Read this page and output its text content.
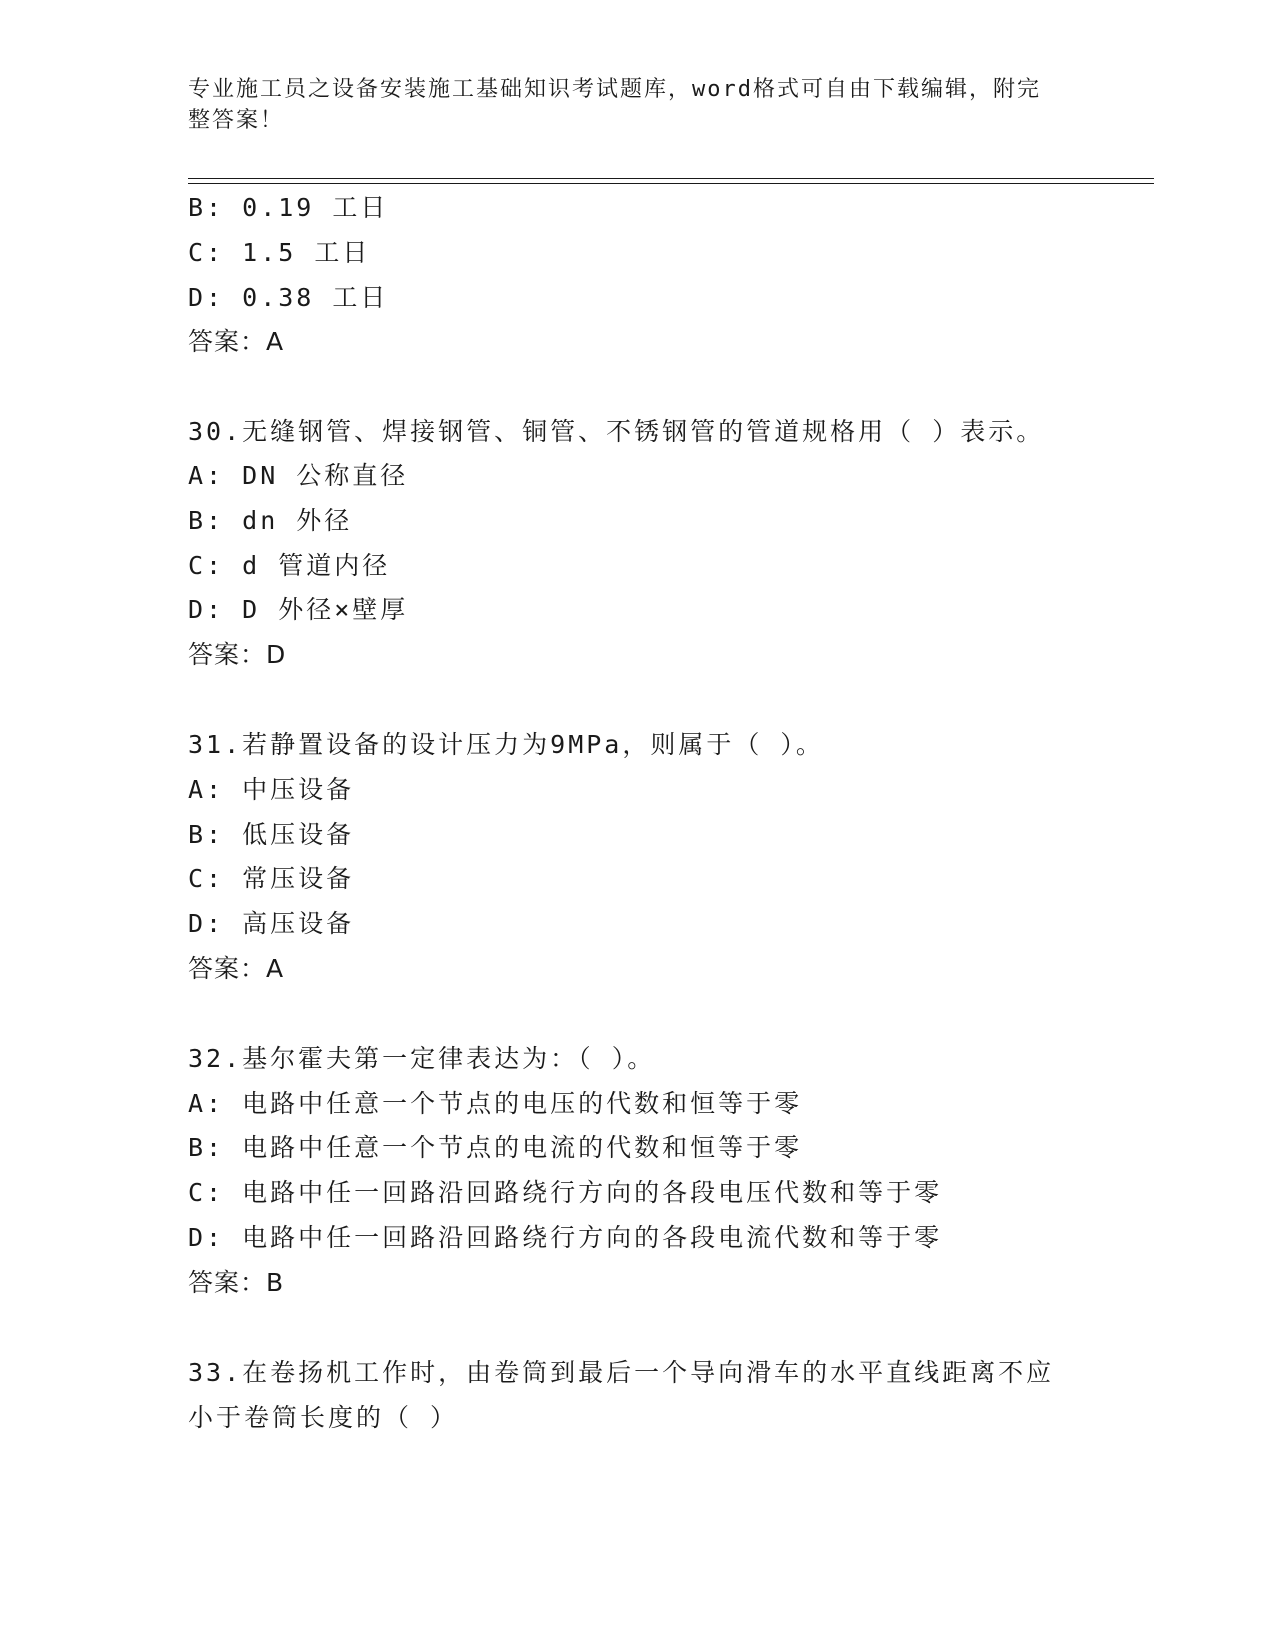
专业施工员之设备安装施工基础知识考试题库，word格式可自由下载编辑，附完
整答案！
B: 0.19 工日
C: 1.5 工日
D: 0.38 工日
答案：A
30.无缝钢管、焊接钢管、铜管、不锈钢管的管道规格用（ ）表示。
A: DN 公称直径
B: dn 外径
C: d 管道内径
D: D 外径×壁厚
答案：D
31.若静置设备的设计压力为9MPa，则属于（ ）。
A: 中压设备
B: 低压设备
C: 常压设备
D: 高压设备
答案：A
32.基尔霍夫第一定律表达为：（ ）。
A: 电路中任意一个节点的电压的代数和恒等于零
B: 电路中任意一个节点的电流的代数和恒等于零
C: 电路中任一回路沿回路绕行方向的各段电压代数和等于零
D: 电路中任一回路沿回路绕行方向的各段电流代数和等于零
答案：B
33.在卷扬机工作时，由卷筒到最后一个导向滑车的水平直线距离不应
小于卷筒长度的（ ）
